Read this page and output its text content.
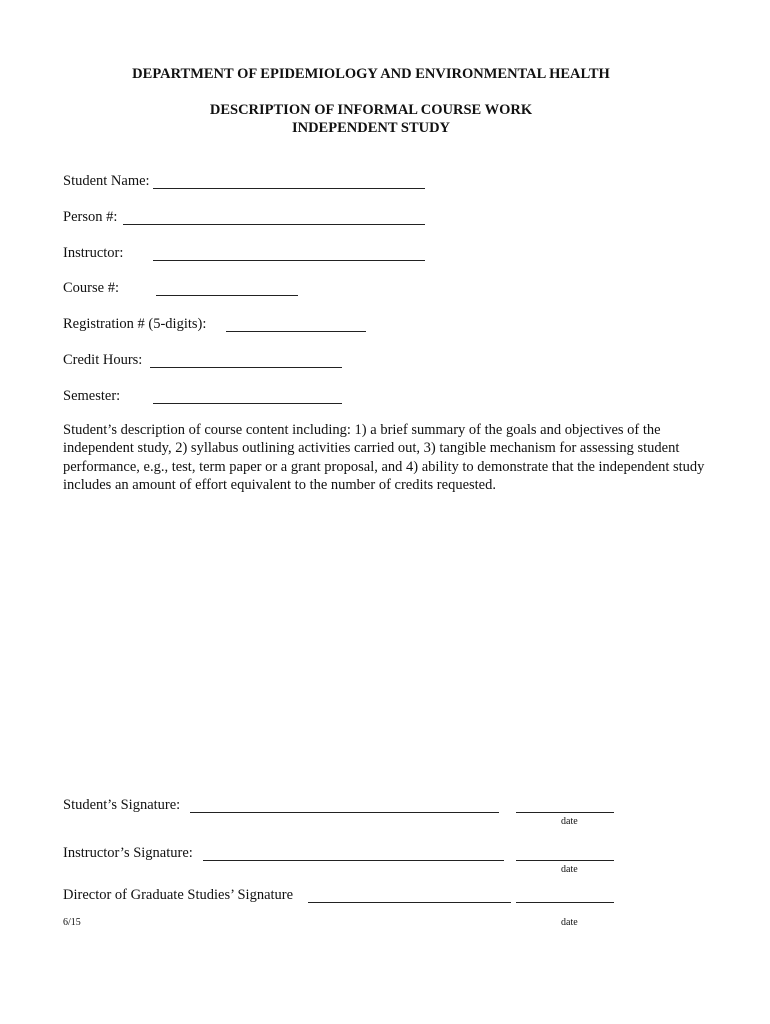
DEPARTMENT OF EPIDEMIOLOGY AND ENVIRONMENTAL HEALTH
DESCRIPTION OF INFORMAL COURSE WORK
INDEPENDENT STUDY
Student Name:
Person #:
Instructor:
Course #:
Registration # (5-digits):
Credit Hours:
Semester:
Student’s description of course content including: 1) a brief summary of the goals and objectives of the independent study, 2) syllabus outlining activities carried out, 3) tangible mechanism for assessing student performance, e.g., test, term paper or a grant proposal, and 4) ability to demonstrate that the independent study includes an amount of effort equivalent to the number of credits requested.
Student’s Signature:
date
Instructor’s Signature:
date
Director of Graduate Studies’ Signature
6/15	date
